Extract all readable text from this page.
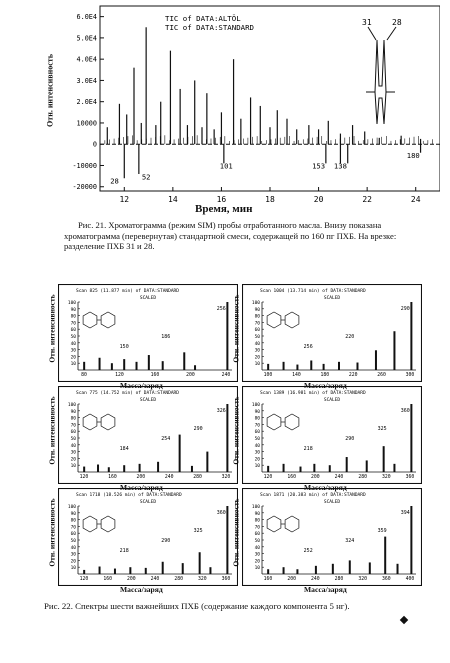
6.0E4
5.0E4
4.0E4
3.0E4
2.0E4
10000
0
-10000
-20000
12	14	16	18	20	22	24
28	52
101	153 138
180
TIC of DATA:ALTÖL
TIC of DATA:STANDARD
31	28
Отн. интенсивность
Время, мин
Рис. 21. Хроматограмма (режим SIM) пробы отработанного масла. Внизу показана хроматограмма (перевернутая) стандартной смеси, содержащей по 160 пг ПХБ. На врезке: разделение ПХБ 31 и 28.
Scan 825 (11.877 min) of DATA:STANDARD
SCALED
100
90
80
70
60
50
40
30
20
10
80	120	160	200	240
256
186
150
Отн. интенсивность
Масса/заряд
Scan 1004 (13.714 min) of DATA:STANDARD
SCALED
100
90
80
70
60
50
40
30
20
10
100	140	180	220	260	300
290
220
256
Отн. интенсивность
Масса/заряд
Scan 775 (14.752 min) of DATA:STANDARD
SCALED
100
90
80
70
60
50
40
30
20
10
120	160	200	240	280	320
326
254
184
290
Отн. интенсивность
Масса/заряд
Scan 1389 (16.981 min) of DATA:STANDARD
SCALED
100
90
80
70
60
50
40
30
20
10
120	160	200	240	280	320	360
360
290
218
325
Отн. интенсивность
Масса/заряд
Scan 1718 (18.526 min) of DATA:STANDARD
SCALED
100
90
80
70
60
50
40
30
20
10
120	160	200	240	280	320	360
360
290
218
325
Отн. интенсивность
Масса/заряд
Scan 1871 (20.383 min) of DATA:STANDARD
SCALED
100
90
80
70
60
50
40
30
20
10
160	200	240	280	320	360	400
394
324
252
359
Отн. интенсивность
Масса/заряд
Рис. 22. Спектры шести важнейших ПХБ (содержание каждого компонента 5 нг).
